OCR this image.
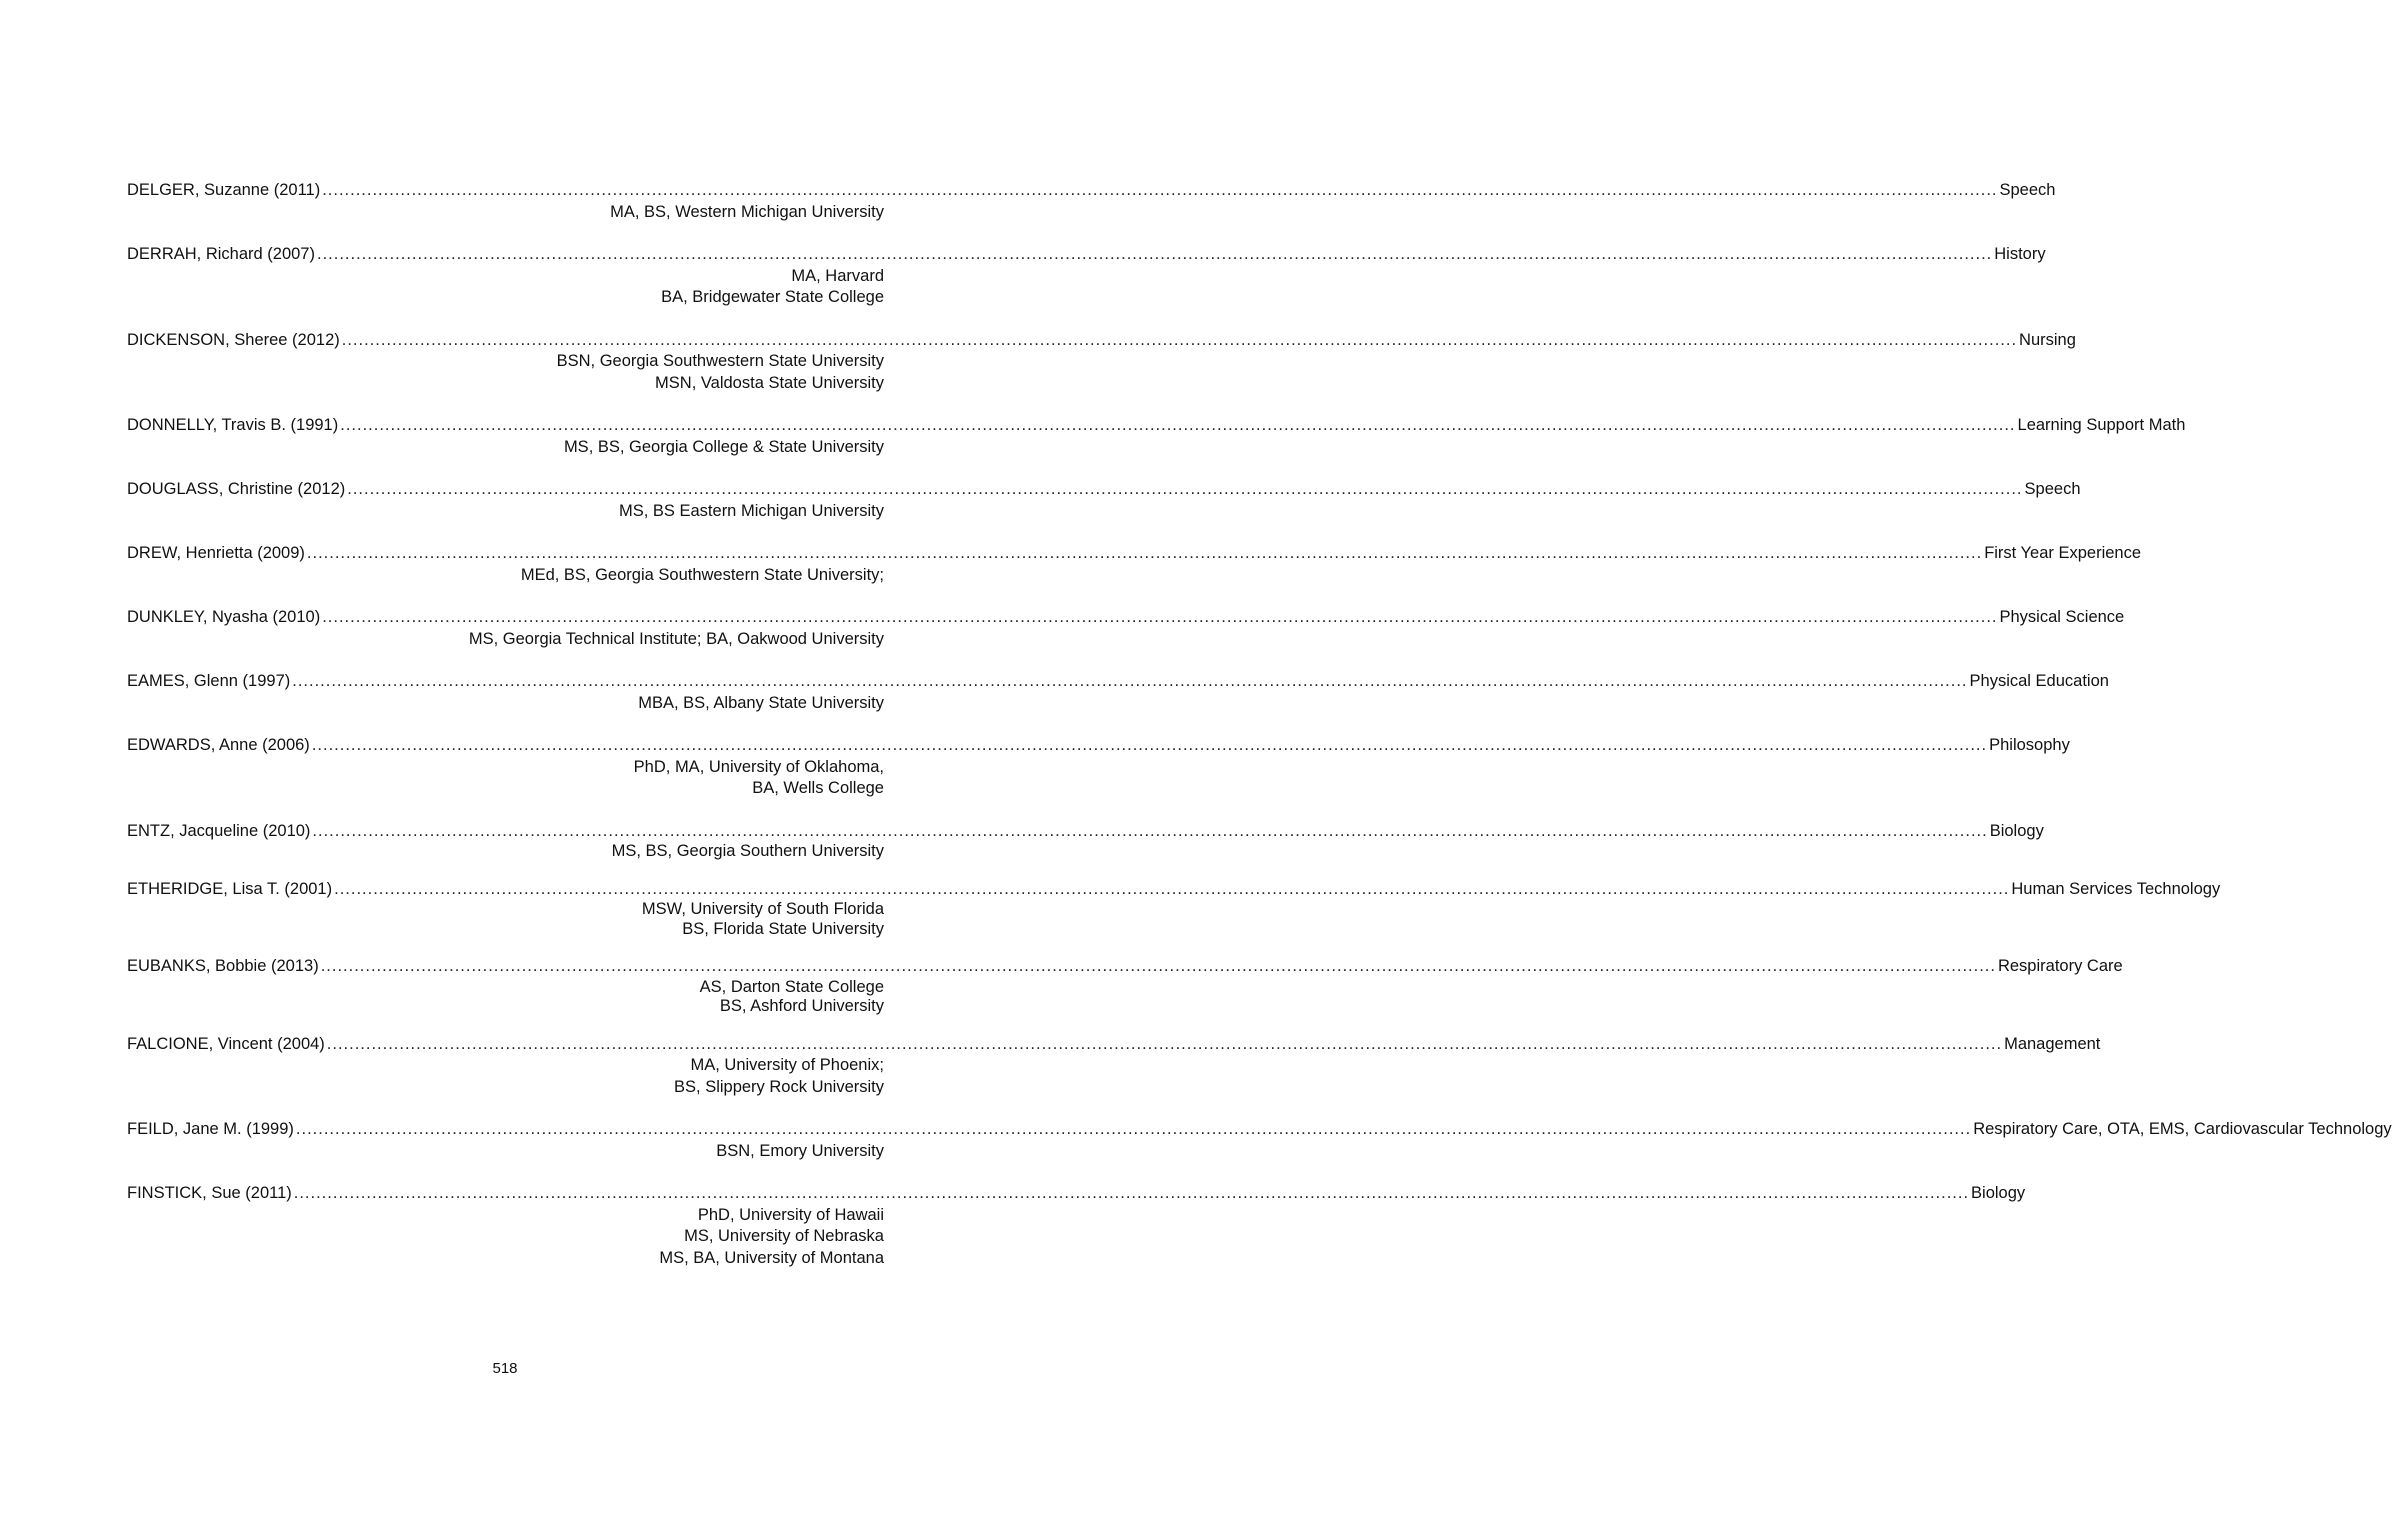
DELGER, Suzanne (2011) ............................................................................................................................................................................................................................................................................................................ Speech
MA, BS, Western Michigan University
DERRAH, Richard (2007) ............................................................................................................................................................................................................................................................................................................ History
MA, Harvard
BA, Bridgewater State College
DICKENSON, Sheree (2012) ............................................................................................................................................................................................................................................................................................................ Nursing
BSN, Georgia Southwestern State University
MSN, Valdosta State University
DONNELLY, Travis B. (1991) ............................................................................................................................................................................................................................................................................................................ Learning Support Math
MS, BS, Georgia College & State University
DOUGLASS, Christine (2012) ............................................................................................................................................................................................................................................................................................................ Speech
MS, BS Eastern Michigan University
DREW, Henrietta (2009) ............................................................................................................................................................................................................................................................................................................ First Year Experience
MEd, BS, Georgia Southwestern State University;
DUNKLEY, Nyasha (2010) ............................................................................................................................................................................................................................................................................................................ Physical Science
MS, Georgia Technical Institute; BA, Oakwood University
EAMES, Glenn (1997) ............................................................................................................................................................................................................................................................................................................ Physical Education
MBA, BS, Albany State University
EDWARDS, Anne (2006) ............................................................................................................................................................................................................................................................................................................ Philosophy
PhD, MA, University of Oklahoma,
BA, Wells College
ENTZ, Jacqueline (2010) ............................................................................................................................................................................................................................................................................................................ Biology
MS, BS, Georgia Southern University
ETHERIDGE, Lisa T. (2001) ............................................................................................................................................................................................................................................................................................................ Human Services Technology
MSW, University of South Florida
BS, Florida State University
EUBANKS, Bobbie (2013) ............................................................................................................................................................................................................................................................................................................ Respiratory Care
AS, Darton State College
BS, Ashford University
FALCIONE, Vincent (2004) ............................................................................................................................................................................................................................................................................................................ Management
MA, University of Phoenix;
BS, Slippery Rock University
FEILD, Jane M. (1999) ............................................................................................................................................................................................................................................................................................................ Respiratory Care, OTA, EMS, Cardiovascular Technology
BSN, Emory University
FINSTICK, Sue (2011) ............................................................................................................................................................................................................................................................................................................ Biology
PhD, University of Hawaii
MS, University of Nebraska
MS, BA, University of Montana
518
